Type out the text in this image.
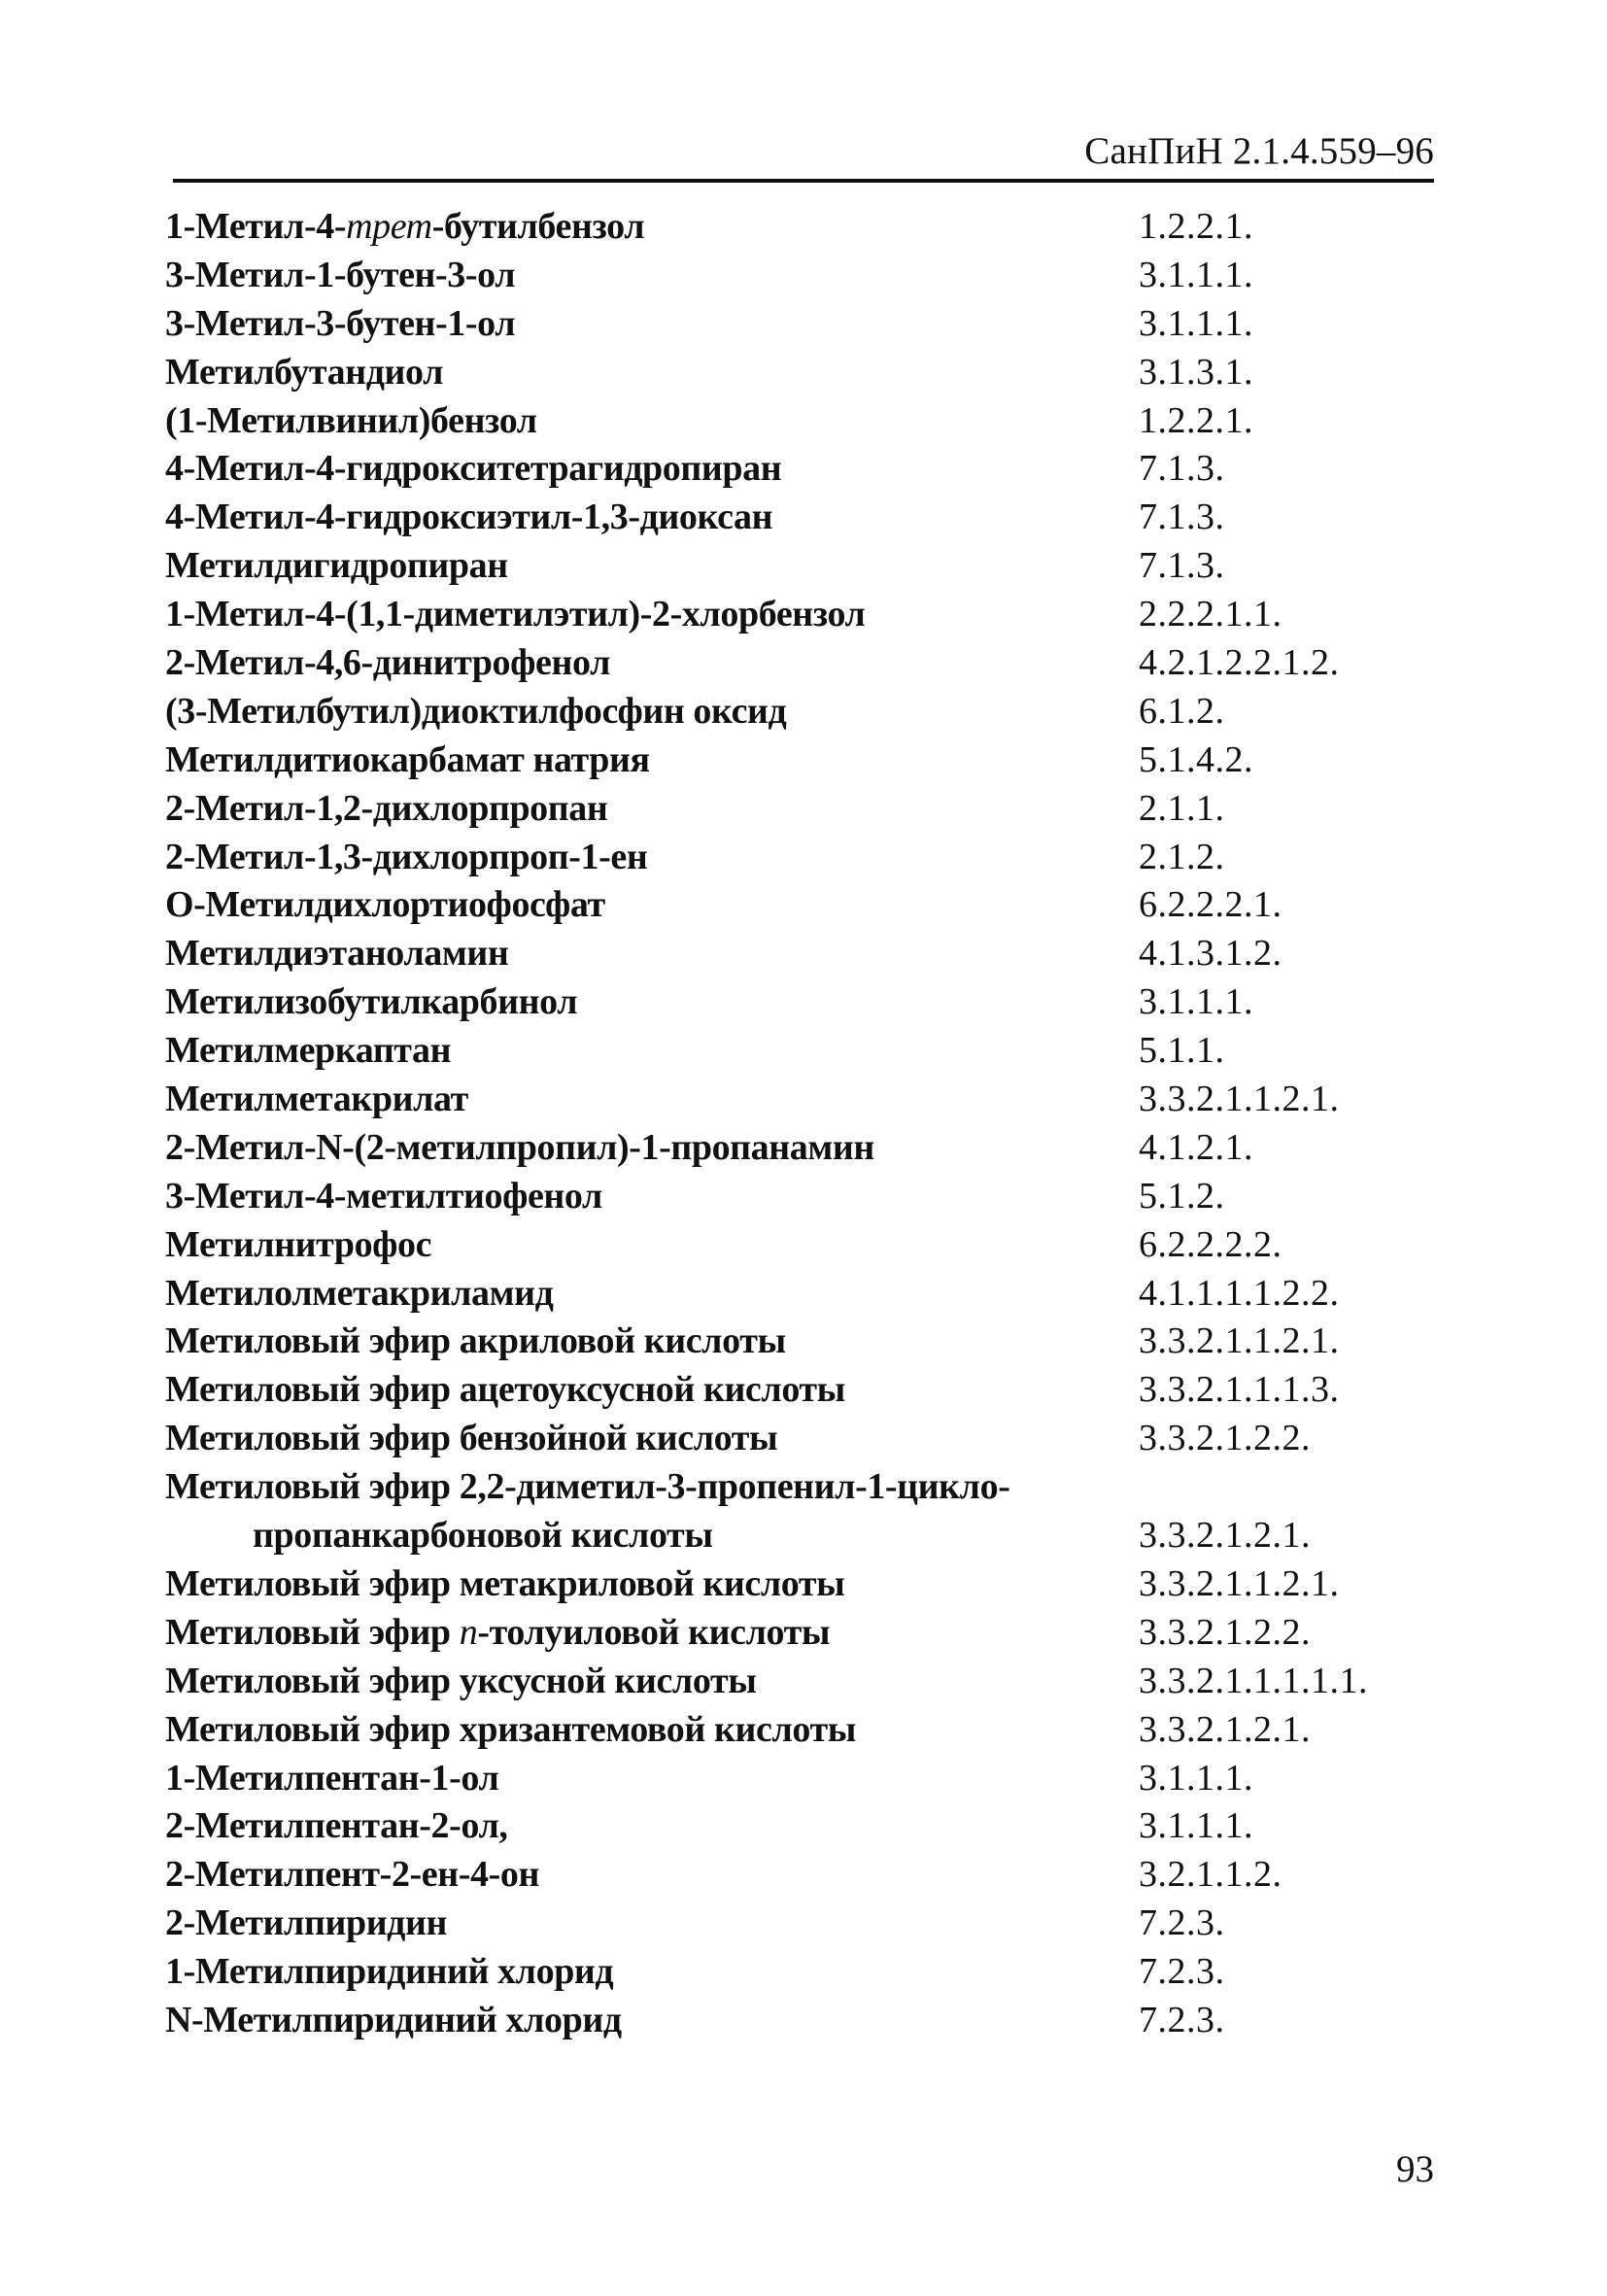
СанПиН 2.1.4.559–96
1-Метил-4-трет-бутилбензол	1.2.2.1.
3-Метил-1-бутен-3-ол	3.1.1.1.
3-Метил-3-бутен-1-ол	3.1.1.1.
Метилбутандиол	3.1.3.1.
(1-Метилвинил)бензол	1.2.2.1.
4-Метил-4-гидрокситетрагидропиран	7.1.3.
4-Метил-4-гидроксиэтил-1,3-диоксан	7.1.3.
Метилдигидропиран	7.1.3.
1-Метил-4-(1,1-диметилэтил)-2-хлорбензол	2.2.2.1.1.
2-Метил-4,6-динитрофенол	4.2.1.2.2.1.2.
(3-Метилбутил)диоктилфосфин оксид	6.1.2.
Метилдитиокарбамат натрия	5.1.4.2.
2-Метил-1,2-дихлорпропан	2.1.1.
2-Метил-1,3-дихлорпроп-1-ен	2.1.2.
О-Метилдихлортиофосфат	6.2.2.2.1.
Метилдиэтаноламин	4.1.3.1.2.
Метилизобутилкарбинол	3.1.1.1.
Метилмеркаптан	5.1.1.
Метилметакрилат	3.3.2.1.1.2.1.
2-Метил-N-(2-метилпропил)-1-пропанамин	4.1.2.1.
3-Метил-4-метилтиофенол	5.1.2.
Метилнитрофос	6.2.2.2.2.
Метилолметакриламид	4.1.1.1.1.2.2.
Метиловый эфир акриловой кислоты	3.3.2.1.1.2.1.
Метиловый эфир ацетоуксусной кислоты	3.3.2.1.1.1.3.
Метиловый эфир бензойной кислоты	3.3.2.1.2.2.
Метиловый эфир 2,2-диметил-3-пропенил-1-цикло-
пропанкарбоновой кислоты	3.3.2.1.2.1.
Метиловый эфир метакриловой кислоты	3.3.2.1.1.2.1.
Метиловый эфир п-толуиловой кислоты	3.3.2.1.2.2.
Метиловый эфир уксусной кислоты	3.3.2.1.1.1.1.1.
Метиловый эфир хризантемовой кислоты	3.3.2.1.2.1.
1-Метилпентан-1-ол	3.1.1.1.
2-Метилпентан-2-ол,	3.1.1.1.
2-Метилпент-2-ен-4-он	3.2.1.1.2.
2-Метилпиридин	7.2.3.
1-Метилпиридиний хлорид	7.2.3.
N-Метилпиридиний хлорид	7.2.3.
93
